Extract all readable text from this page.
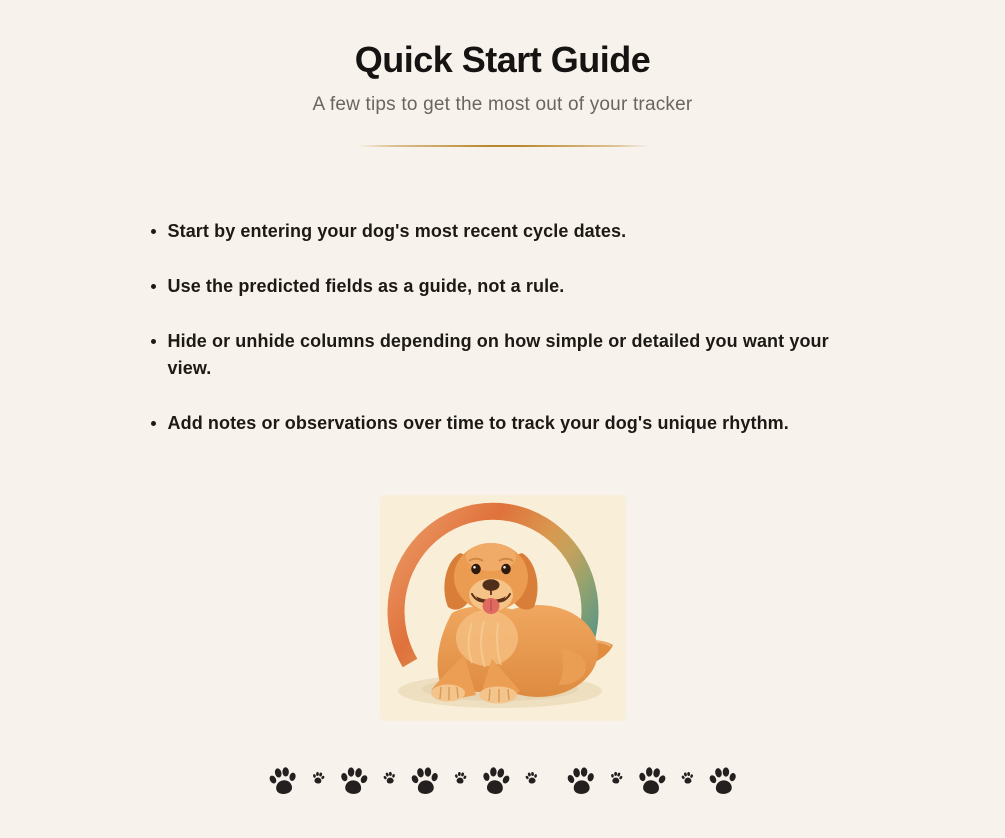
Quick Start Guide
A few tips to get the most out of your tracker
Start by entering your dog's most recent cycle dates.
Use the predicted fields as a guide, not a rule.
Hide or unhide columns depending on how simple or detailed you want your view.
Add notes or observations over time to track your dog's unique rhythm.
